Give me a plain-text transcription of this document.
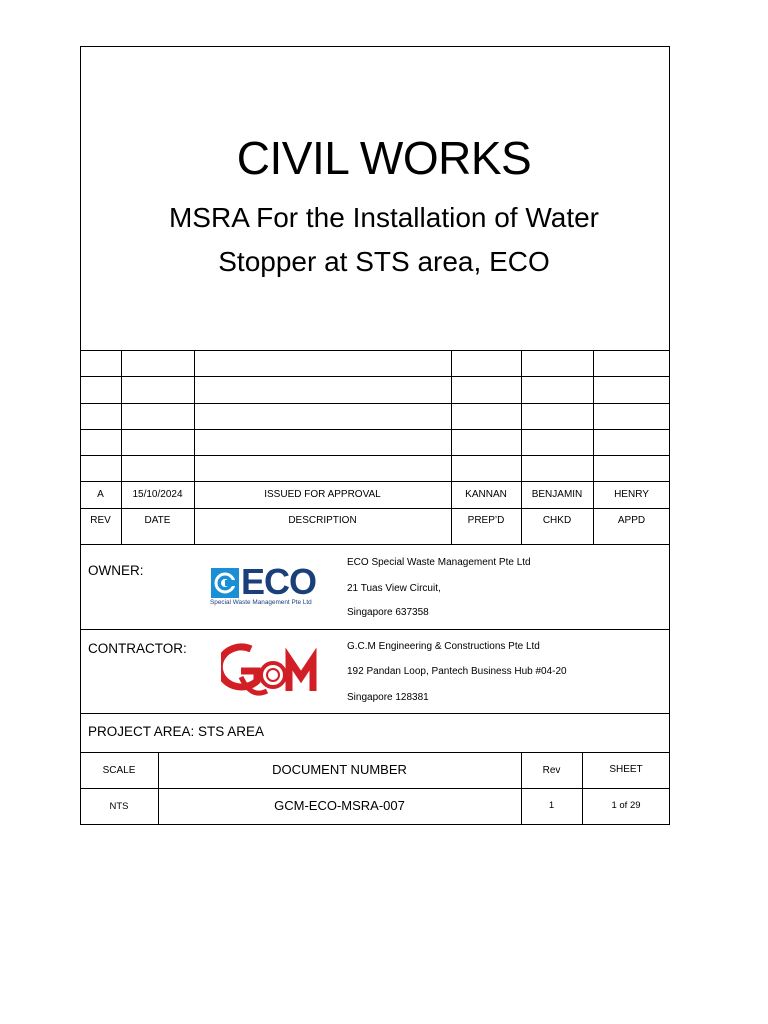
CIVIL WORKS
MSRA For the Installation of Water
Stopper at STS area, ECO
A	15/10/2024	ISSUED FOR APPROVAL	KANNAN	BENJAMIN	HENRY
REV	DATE	DESCRIPTION	PREP’D	CHKD	APPD
OWNER:	ECO
Special Waste Management Pte Ltd
ECO Special Waste Management Pte Ltd
21 Tuas View Circuit,
Singapore 637358
CONTRACTOR:	G.C.M Engineering & Constructions Pte Ltd
192 Pandan Loop, Pantech Business Hub #04-20
Singapore 128381
PROJECT AREA: STS AREA
SCALE	DOCUMENT NUMBER	Rev	SHEET
NTS	GCM-ECO-MSRA-007	1	1 of 29
